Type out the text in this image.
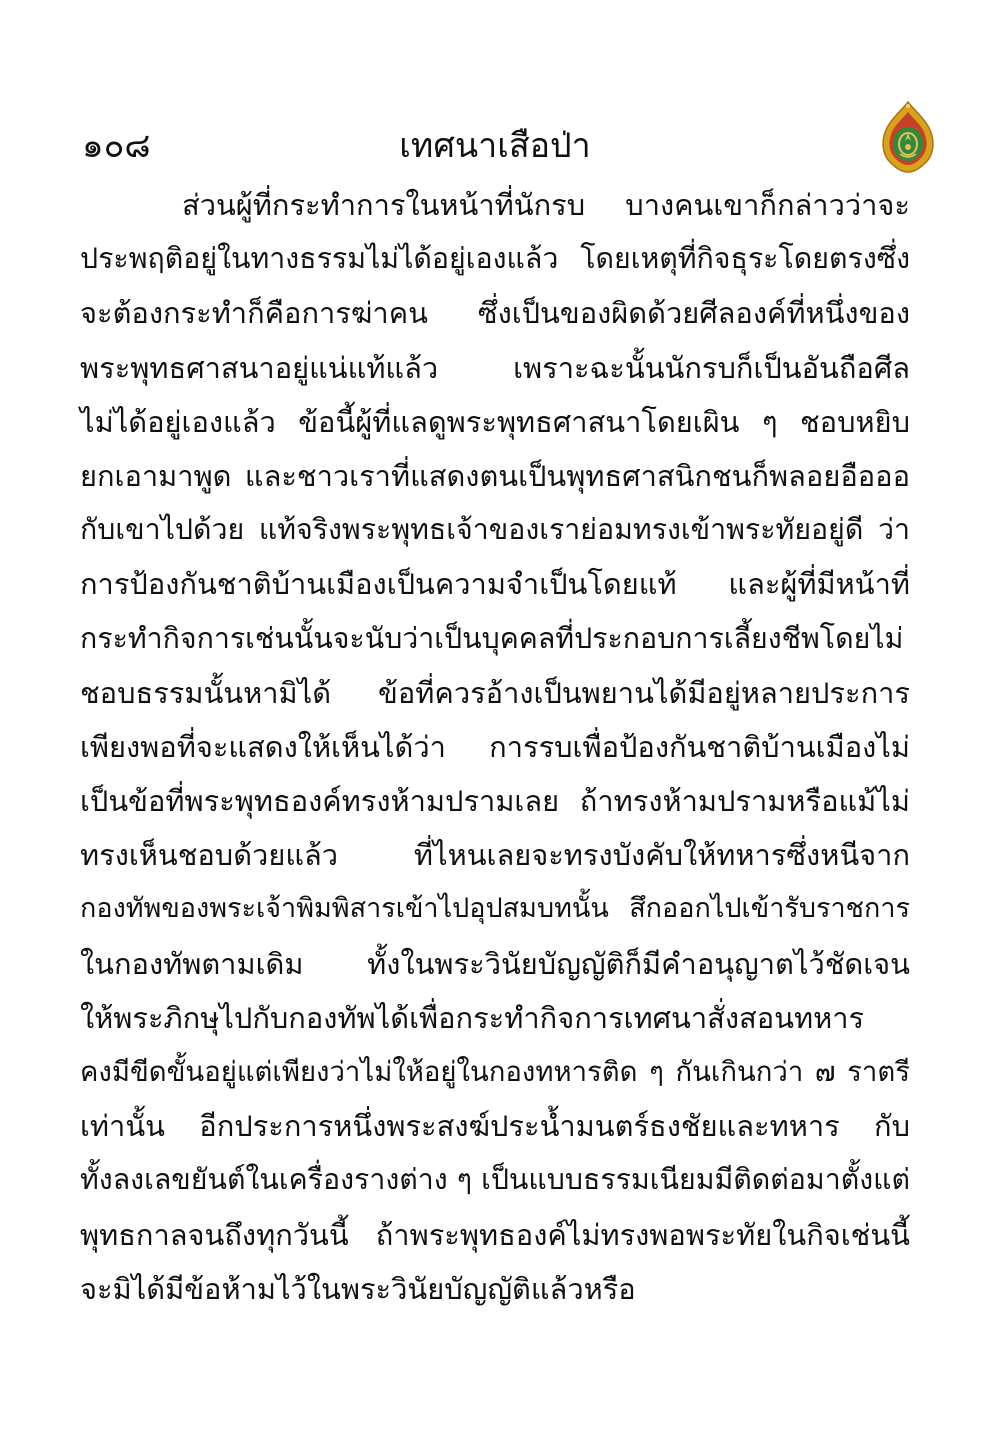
๑๐๘	เทศนาเสือป่า
ส่วนผู้ที่กระทำการในหน้าที่นักรบ บางคนเขาก็กล่าวว่าจะ
ประพฤติอยู่ในทางธรรมไม่ได้อยู่เองแล้ว โดยเหตุที่กิจธุระโดยตรงซึ่ง
จะต้องกระทำก็คือการฆ่าคน ซึ่งเป็นของผิดด้วยศีลองค์ที่หนึ่งของ
พระพุทธศาสนาอยู่แน่แท้แล้ว เพราะฉะนั้นนักรบก็เป็นอันถือศีล
ไม่ได้อยู่เองแล้ว ข้อนี้ผู้ที่แลดูพระพุทธศาสนาโดยเผิน ๆ ชอบหยิบ
ยกเอามาพูด และชาวเราที่แสดงตนเป็นพุทธศาสนิกชนก็พลอยอือออ
กับเขาไปด้วย แท้จริงพระพุทธเจ้าของเราย่อมทรงเข้าพระทัยอยู่ดี ว่า
การป้องกันชาติบ้านเมืองเป็นความจำเป็นโดยแท้ และผู้ที่มีหน้าที่
กระทำกิจการเช่นนั้นจะนับว่าเป็นบุคคลที่ประกอบการเลี้ยงชีพโดยไม่
ชอบธรรมนั้นหามิได้ ข้อที่ควรอ้างเป็นพยานได้มีอยู่หลายประการ
เพียงพอที่จะแสดงให้เห็นได้ว่า การรบเพื่อป้องกันชาติบ้านเมืองไม่
เป็นข้อที่พระพุทธองค์ทรงห้ามปรามเลย ถ้าทรงห้ามปรามหรือแม้ไม่
ทรงเห็นชอบด้วยแล้ว ที่ไหนเลยจะทรงบังคับให้ทหารซึ่งหนีจาก
กองทัพของพระเจ้าพิมพิสารเข้าไปอุปสมบทนั้น สึกออกไปเข้ารับราชการ
ในกองทัพตามเดิม ทั้งในพระวินัยบัญญัติก็มีคำอนุญาตไว้ชัดเจน
ให้พระภิกษุไปกับกองทัพได้เพื่อกระทำกิจการเทศนาสั่งสอนทหาร
คงมีขีดขั้นอยู่แต่เพียงว่าไม่ให้อยู่ในกองทหารติด ๆ กันเกินกว่า ๗ ราตรี
เท่านั้น อีกประการหนึ่งพระสงฆ์ประน้ำมนตร์ธงชัยและทหาร กับ
ทั้งลงเลขยันต์ในเครื่องรางต่าง ๆ เป็นแบบธรรมเนียมมีติดต่อมาตั้งแต่
พุทธกาลจนถึงทุกวันนี้ ถ้าพระพุทธองค์ไม่ทรงพอพระทัยในกิจเช่นนี้
จะมิได้มีข้อห้ามไว้ในพระวินัยบัญญัติแล้วหรือ
